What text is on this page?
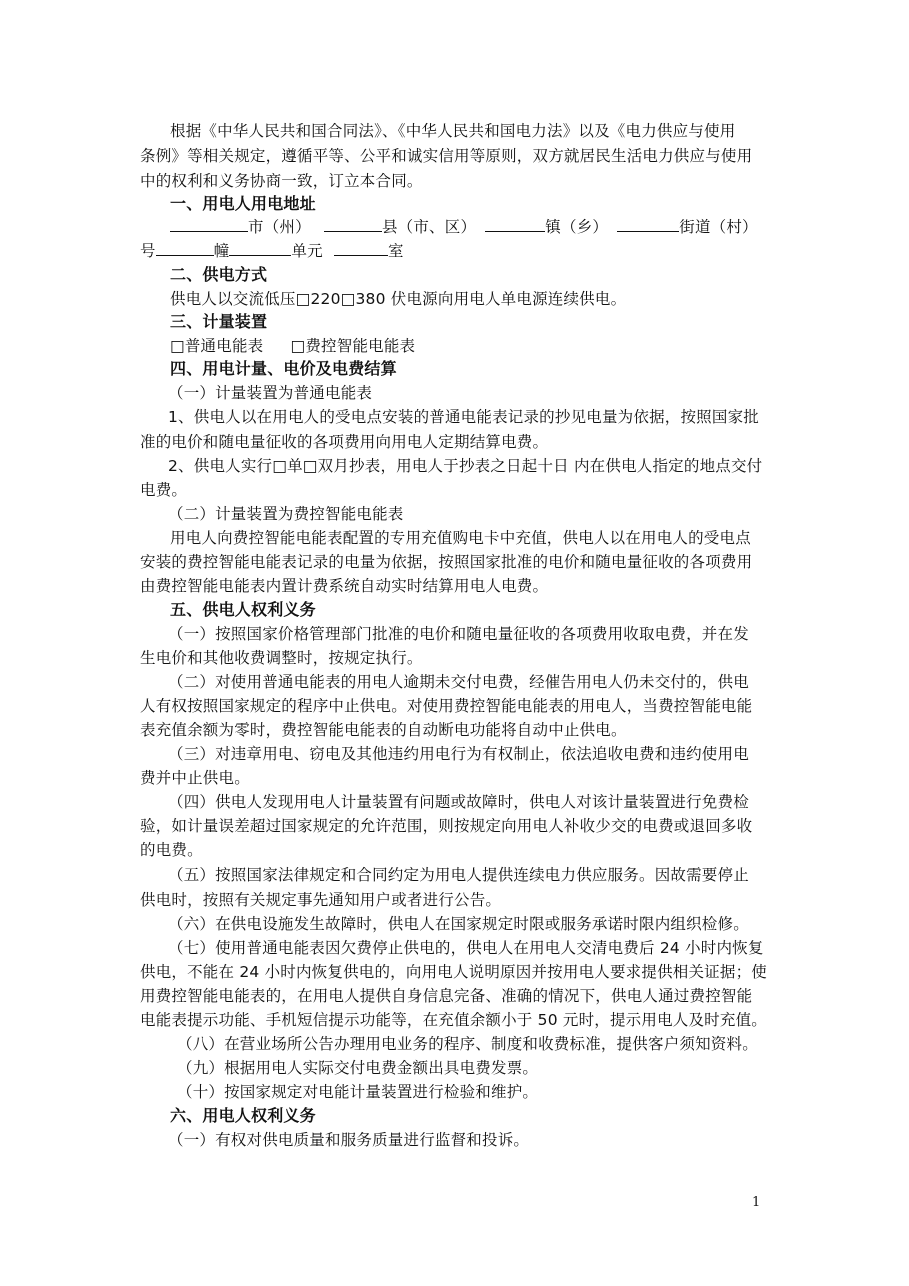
根据《中华人民共和国合同法》、《中华人民共和国电力法》以及《电力供应与使用
条例》等相关规定，遵循平等、公平和诚实信用等原则，双方就居民生活电力供应与使用
中的权利和义务协商一致，订立本合同。
一、用电人用电地址
市（州）	县（市、区）	镇（乡）	街道（村）
号	幢	单元	室
二、供电方式
供电人以交流低压□220□380 伏电源向用电人单电源连续供电。
三、计量装置
□普通电能表 □费控智能电能表
四、用电计量、电价及电费结算
（一）计量装置为普通电能表
1、供电人以在用电人的受电点安装的普通电能表记录的抄见电量为依据，按照国家批
准的电价和随电量征收的各项费用向用电人定期结算电费。
2、供电人实行□单□双月抄表，用电人于抄表之日起十日 内在供电人指定的地点交付
电费。
（二）计量装置为费控智能电能表
用电人向费控智能电能表配置的专用充值购电卡中充值，供电人以在用电人的受电点
安装的费控智能电能表记录的电量为依据，按照国家批准的电价和随电量征收的各项费用
由费控智能电能表内置计费系统自动实时结算用电人电费。
五、供电人权利义务
（一）按照国家价格管理部门批准的电价和随电量征收的各项费用收取电费，并在发
生电价和其他收费调整时，按规定执行。
（二）对使用普通电能表的用电人逾期未交付电费，经催告用电人仍未交付的，供电
人有权按照国家规定的程序中止供电。对使用费控智能电能表的用电人，当费控智能电能
表充值余额为零时，费控智能电能表的自动断电功能将自动中止供电。
（三）对违章用电、窃电及其他违约用电行为有权制止，依法追收电费和违约使用电
费并中止供电。
（四）供电人发现用电人计量装置有问题或故障时，供电人对该计量装置进行免费检
验，如计量误差超过国家规定的允许范围，则按规定向用电人补收少交的电费或退回多收
的电费。
（五）按照国家法律规定和合同约定为用电人提供连续电力供应服务。因故需要停止
供电时，按照有关规定事先通知用户或者进行公告。
（六）在供电设施发生故障时，供电人在国家规定时限或服务承诺时限内组织检修。
（七）使用普通电能表因欠费停止供电的，供电人在用电人交清电费后 24 小时内恢复
供电，不能在 24 小时内恢复供电的，向用电人说明原因并按用电人要求提供相关证据；使
用费控智能电能表的，在用电人提供自身信息完备、准确的情况下，供电人通过费控智能
电能表提示功能、手机短信提示功能等，在充值余额小于 50 元时，提示用电人及时充值。
（八）在营业场所公告办理用电业务的程序、制度和收费标准，提供客户须知资料。
（九）根据用电人实际交付电费金额出具电费发票。
（十）按国家规定对电能计量装置进行检验和维护。
六、用电人权利义务
（一）有权对供电质量和服务质量进行监督和投诉。
1
